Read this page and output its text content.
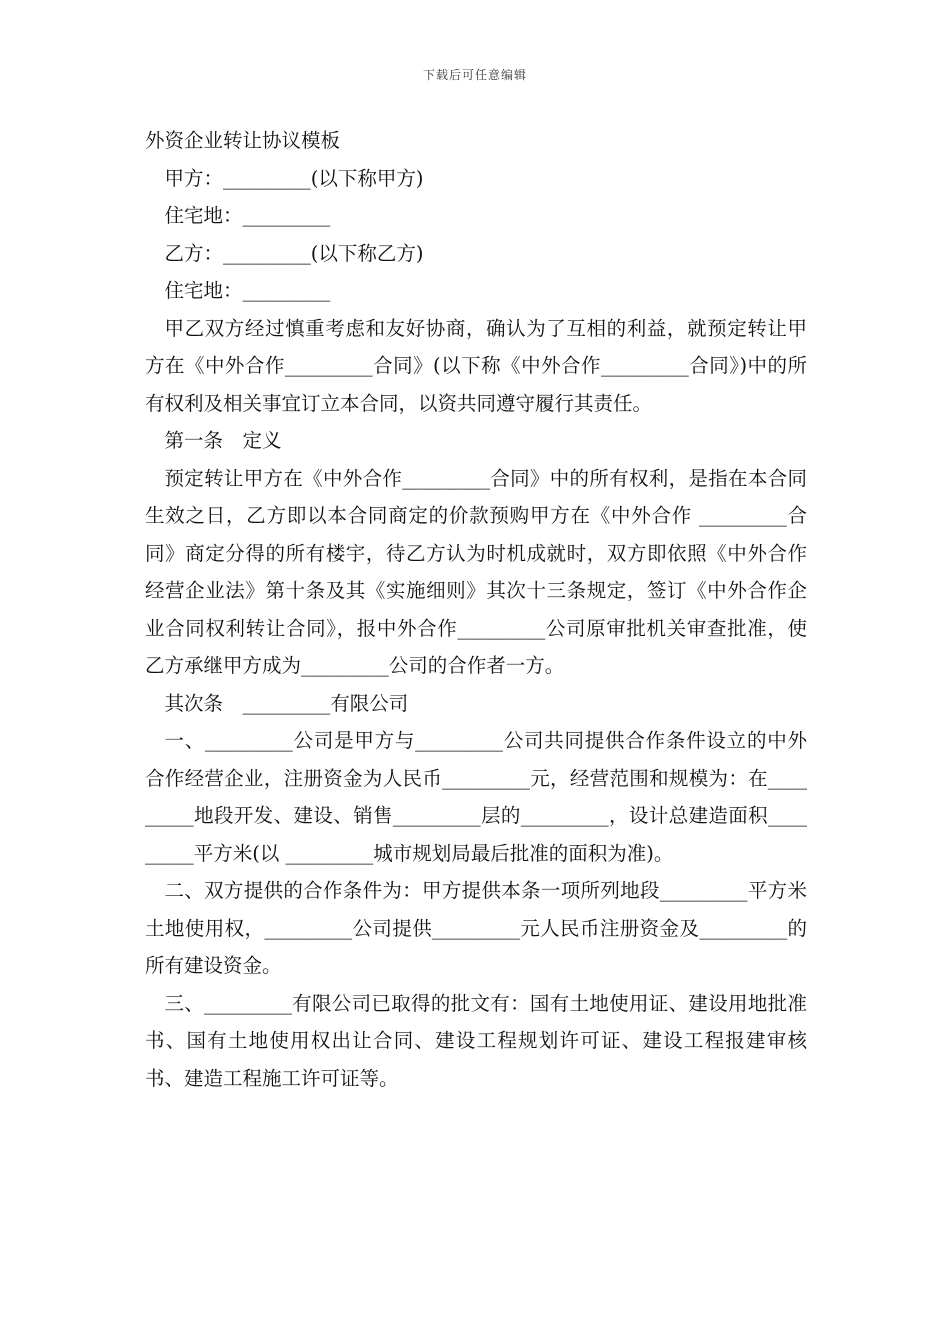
下载后可任意编辑

外资企业转让协议模板

甲方：_________(以下称甲方)

住宅地：_________

乙方：_________(以下称乙方)

住宅地：_________

甲乙双方经过慎重考虑和友好协商，确认为了互相的利益，就预定转让甲方在《中外合作_________合同》(以下称《中外合作_________合同》)中的所有权利及相关事宜订立本合同，以资共同遵守履行其责任。

第一条　定义

预定转让甲方在《中外合作_________合同》中的所有权利，是指在本合同生效之日，乙方即以本合同商定的价款预购甲方在《中外合作 _________合同》商定分得的所有楼宇，待乙方认为时机成就时，双方即依照《中外合作经营企业法》第十条及其《实施细则》其次十三条规定，签订《中外合作企业合同权利转让合同》，报中外合作_________公司原审批机关审查批准，使乙方承继甲方成为_________公司的合作者一方。

其次条　_________有限公司

一、_________公司是甲方与_________公司共同提供合作条件设立的中外合作经营企业，注册资金为人民币_________元，经营范围和规模为：在_________地段开发、建设、销售_________层的_________，设计总建造面积_________平方米(以 _________城市规划局最后批准的面积为准)。

二、双方提供的合作条件为：甲方提供本条一项所列地段_________平方米土地使用权，_________公司提供_________元人民币注册资金及_________的所有建设资金。

三、_________有限公司已取得的批文有：国有土地使用证、建设用地批准书、国有土地使用权出让合同、建设工程规划许可证、建设工程报建审核书、建造工程施工许可证等。
